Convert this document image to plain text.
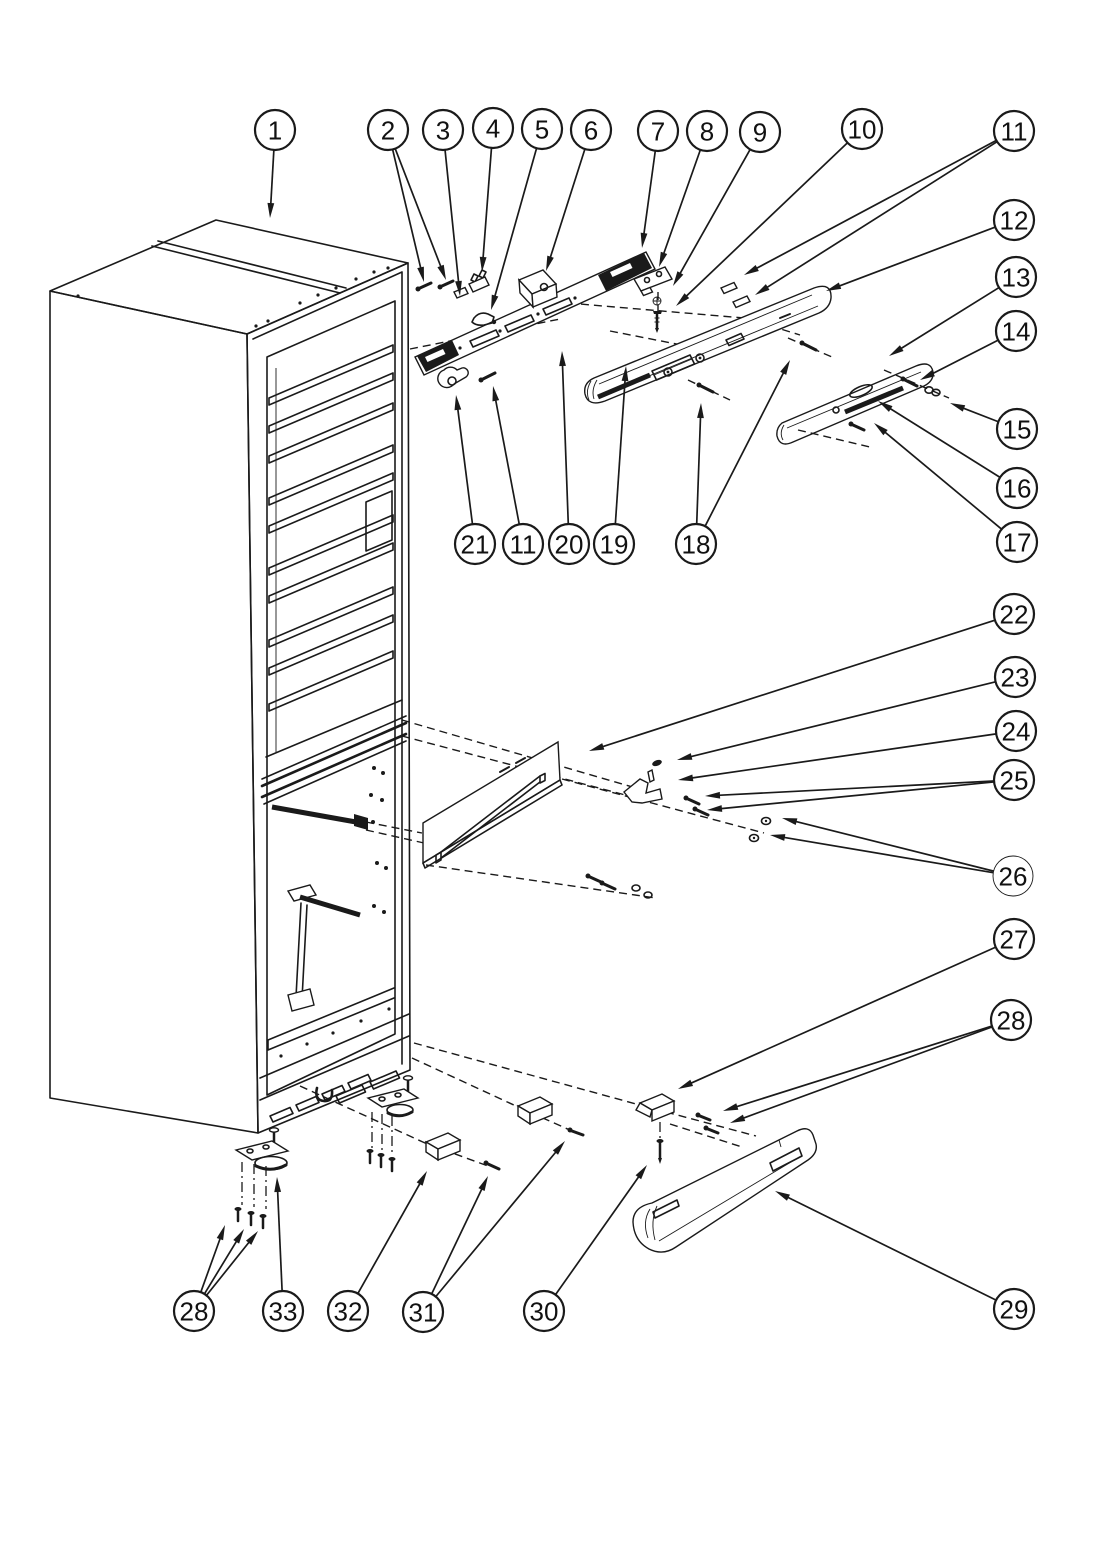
1	2 3 4 5 6 7 8 9	10	11
12
13
14
15
16
17
21 11 20 19 18
22
23
24
25
26
27
28
29
28 33 32 31	30
